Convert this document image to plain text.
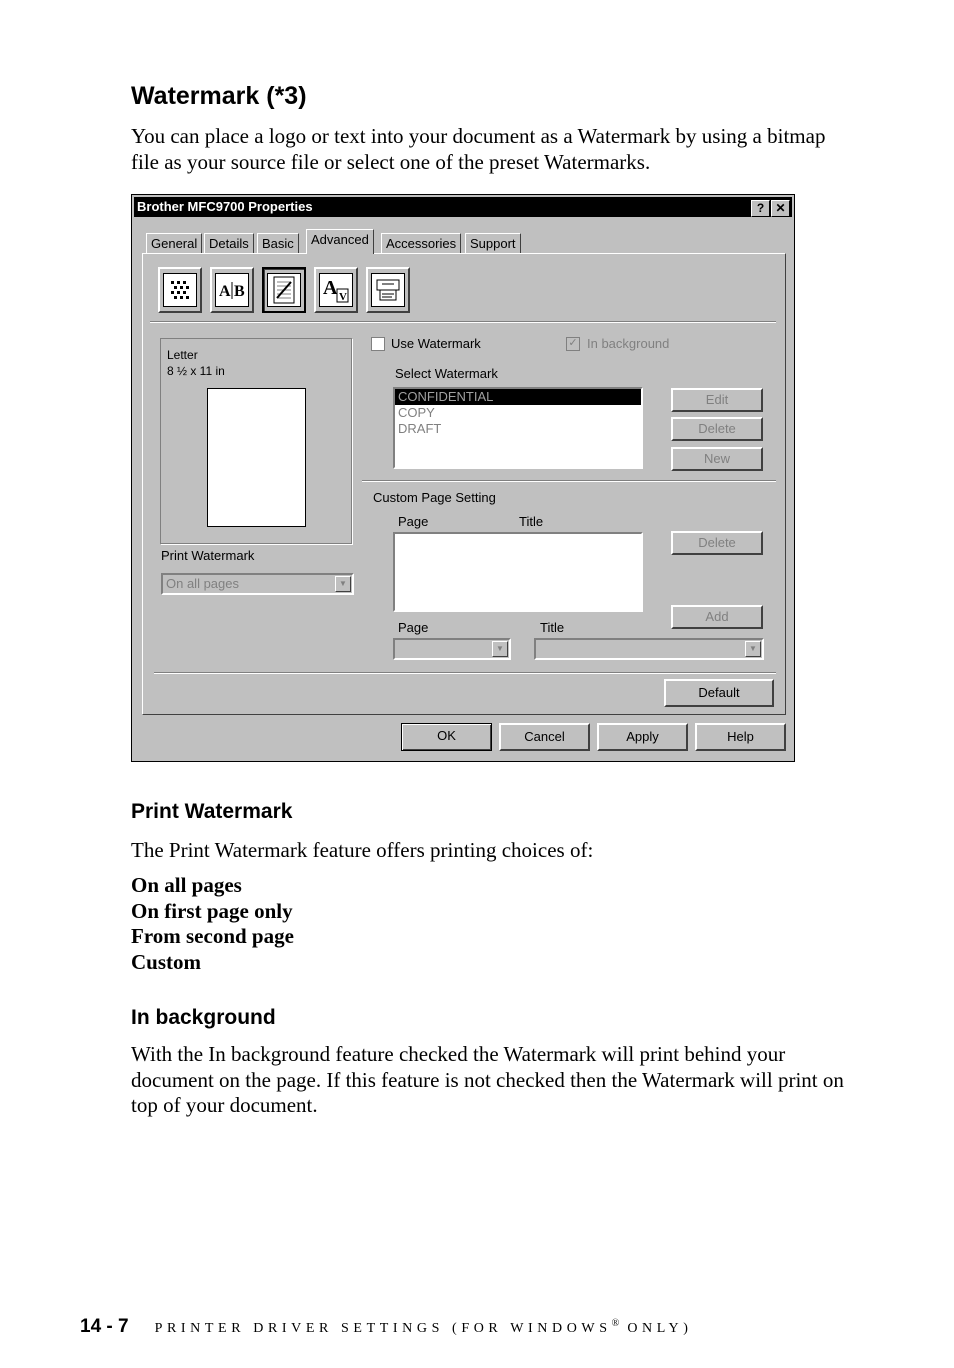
Watermark (*3)
You can place a logo or text into your document as a Watermark by using a bitmap file as your source file or select one of the preset Watermarks.
Brother MFC9700 Properties	? ✕
General Details	Basic	Advanced	Accessories	Support
A B	A V
Letter
8 ½ x 11 in
Print Watermark
On all pages	▼
Use Watermark	✓ In background
Select Watermark
CONFIDENTIAL
COPY
DRAFT
Edit
Delete
New
Custom Page Setting
Page	Title
Delete
Add
Page	Title
▼	▼
Default
OK	Cancel	Apply	Help
Print Watermark
The Print Watermark feature offers printing choices of:
On all pages
On first page only
From second page
Custom
In background
With the In background feature checked the Watermark will print behind your document on the page. If this feature is not checked then the Watermark will print on top of your document.
14 - 7 PRINTER DRIVER SETTINGS (FOR WINDOWS® ONLY)
